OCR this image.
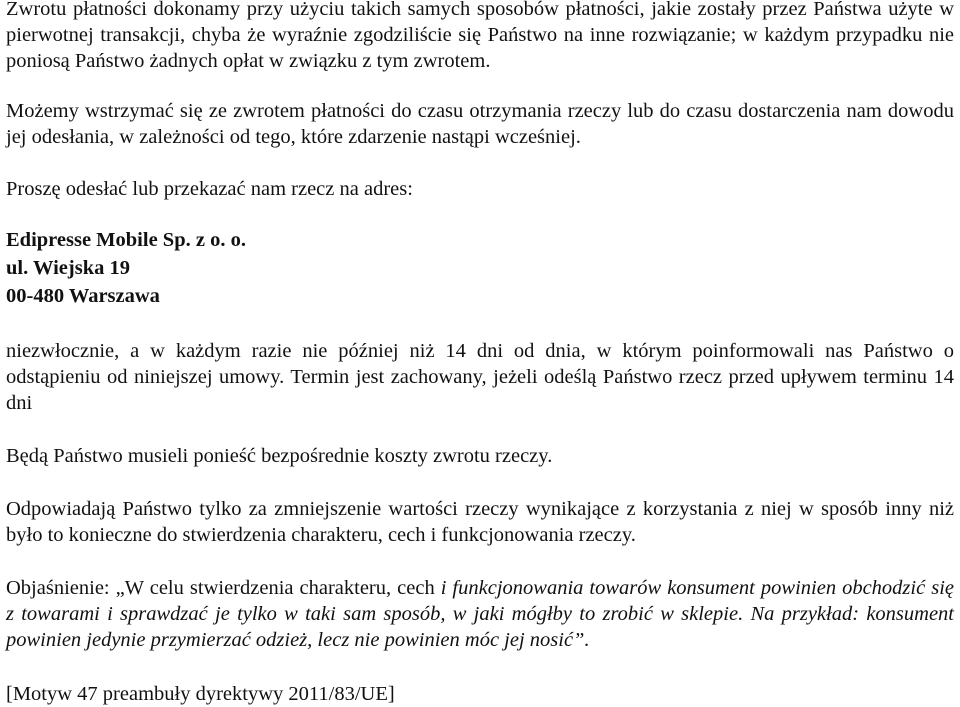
Zwrotu płatności dokonamy przy użyciu takich samych sposobów płatności, jakie zostały przez Państwa użyte w pierwotnej transakcji, chyba że wyraźnie zgodziliście się Państwo na inne rozwiązanie; w każdym przypadku nie poniosą Państwo żadnych opłat w związku z tym zwrotem.

Możemy wstrzymać się ze zwrotem płatności do czasu otrzymania rzeczy lub do czasu dostarczenia nam dowodu jej odesłania, w zależności od tego, które zdarzenie nastąpi wcześniej.

Proszę odesłać lub przekazać nam rzecz na adres:

Edipresse Mobile Sp. z o. o.

ul. Wiejska 19

00-480 Warszawa

niezwłocznie, a w każdym razie nie później niż 14 dni od dnia, w którym poinformowali nas Państwo o odstąpieniu od niniejszej umowy. Termin jest zachowany, jeżeli odeślą Państwo rzecz przed upływem terminu 14 dni

Będą Państwo musieli ponieść bezpośrednie koszty zwrotu rzeczy.

Odpowiadają Państwo tylko za zmniejszenie wartości rzeczy wynikające z korzystania z niej w sposób inny niż było to konieczne do stwierdzenia charakteru, cech i funkcjonowania rzeczy.

Objaśnienie: „W celu stwierdzenia charakteru, cech i funkcjonowania towarów konsument powinien obchodzić się z towarami i sprawdzać je tylko w taki sam sposób, w jaki mógłby to zrobić w sklepie. Na przykład: konsument powinien jedynie przymierzać odzież, lecz nie powinien móc jej nosić”.

[Motyw 47 preambuły dyrektywy 2011/83/UE]
